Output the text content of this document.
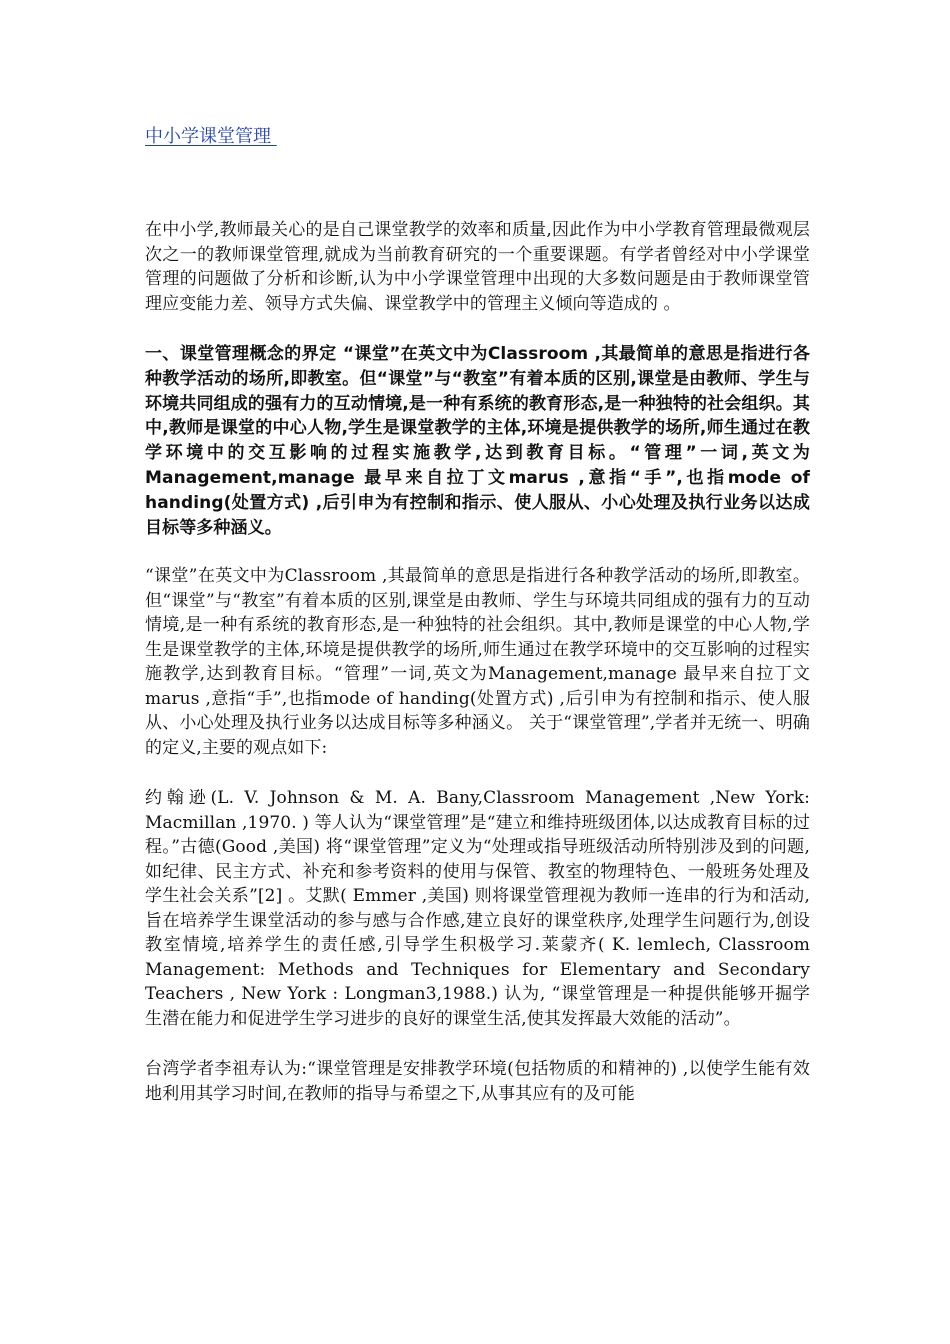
中小学课堂管理

在中小学,教师最关心的是自己课堂教学的效率和质量,因此作为中小学教育管理最微观层次之一的教师课堂管理,就成为当前教育研究的一个重要课题。有学者曾经对中小学课堂管理的问题做了分析和诊断,认为中小学课堂管理中出现的大多数问题是由于教师课堂管理应变能力差、领导方式失偏、课堂教学中的管理主义倾向等造成的 。

一、课堂管理概念的界定 “课堂”在英文中为Classroom ,其最简单的意思是指进行各种教学活动的场所,即教室。但“课堂”与“教室”有着本质的区别,课堂是由教师、学生与环境共同组成的强有力的互动情境,是一种有系统的教育形态,是一种独特的社会组织。其中,教师是课堂的中心人物,学生是课堂教学的主体,环境是提供教学的场所,师生通过在教学环境中的交互影响的过程实施教学,达到教育目标。“管理”一词,英文为Management,manage 最早来自拉丁文marus ,意指“手”,也指mode of handing(处置方式) ,后引申为有控制和指示、使人服从、小心处理及执行业务以达成目标等多种涵义。

“课堂”在英文中为Classroom ,其最简单的意思是指进行各种教学活动的场所,即教室。但“课堂”与“教室”有着本质的区别,课堂是由教师、学生与环境共同组成的强有力的互动情境,是一种有系统的教育形态,是一种独特的社会组织。其中,教师是课堂的中心人物,学生是课堂教学的主体,环境是提供教学的场所,师生通过在教学环境中的交互影响的过程实施教学,达到教育目标。“管理”一词,英文为Management,manage 最早来自拉丁文marus ,意指“手”,也指mode of handing(处置方式) ,后引申为有控制和指示、使人服从、小心处理及执行业务以达成目标等多种涵义。 关于“课堂管理”,学者并无统一、明确的定义,主要的观点如下:

约翰逊(L. V. Johnson & M. A. Bany,Classroom Management ,New York: Macmillan ,1970. ) 等人认为“课堂管理”是“建立和维持班级团体,以达成教育目标的过程。”古德(Good ,美国) 将“课堂管理”定义为“处理或指导班级活动所特别涉及到的问题,如纪律、民主方式、补充和参考资料的使用与保管、教室的物理特色、一般班务处理及学生社会关系”[2] 。艾默( Emmer ,美国) 则将课堂管理视为教师一连串的行为和活动,旨在培养学生课堂活动的参与感与合作感,建立良好的课堂秩序,处理学生问题行为,创设教室情境,培养学生的责任感,引导学生积极学习.莱蒙齐( K. lemlech, Classroom Management: Methods and Techniques for Elementary and Secondary Teachers , New York : Longman3,1988.) 认为, “课堂管理是一种提供能够开掘学生潜在能力和促进学生学习进步的良好的课堂生活,使其发挥最大效能的活动”。

台湾学者李祖寿认为:“课堂管理是安排教学环境(包括物质的和精神的) ,以使学生能有效地利用其学习时间,在教师的指导与希望之下,从事其应有的及可能
